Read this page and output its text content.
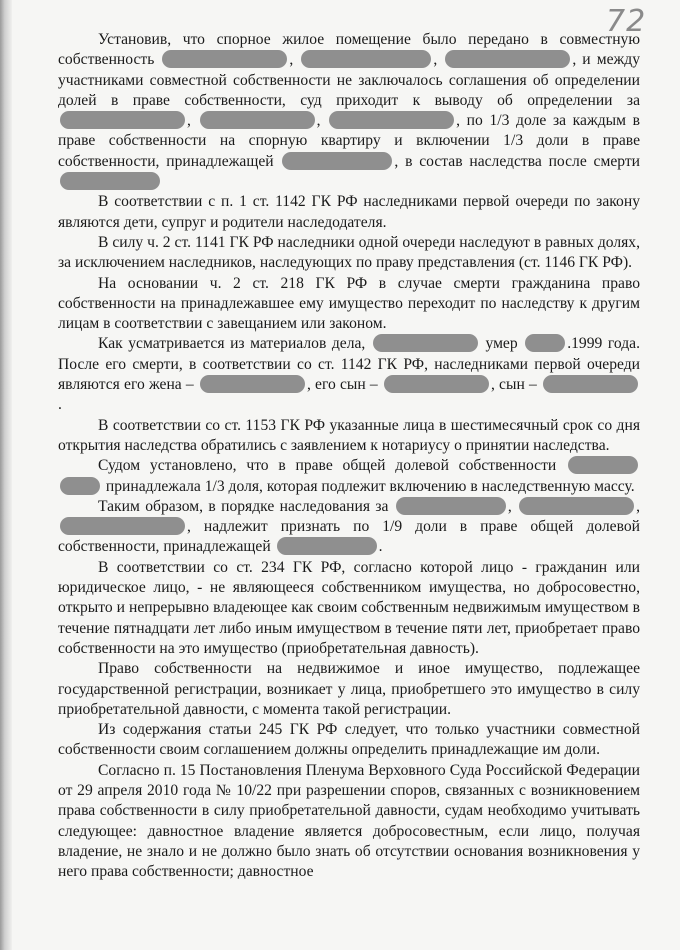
72

Установив, что спорное жилое помещение было передано в совместную собственность	,	,	, и между участниками совместной собственности не заключалось соглашения об определении долей в праве собственности, суд приходит к выводу об определении за ,	,	, по 1/3 доле за каждым в праве собственности на спорную квартиру и включении 1/3 доли в праве собственности, принадлежащей	, в состав наследства после смерти

В соответствии с п. 1 ст. 1142 ГК РФ наследниками первой очереди по закону являются дети, супруг и родители наследодателя.

В силу ч. 2 ст. 1141 ГК РФ наследники одной очереди наследуют в равных долях, за исключением наследников, наследующих по праву представления (ст. 1146 ГК РФ).

На основании ч. 2 ст. 218 ГК РФ в случае смерти гражданина право собственности на принадлежавшее ему имущество переходит по наследству к другим лицам в соответствии с завещанием или законом.

Как усматривается из материалов дела,	умер	.1999 года. После его смерти, в соответствии со ст. 1142 ГК РФ, наследниками первой очереди являются его жена –	, его сын –	, сын – .

В соответствии со ст. 1153 ГК РФ указанные лица в шестимесячный срок со дня открытия наследства обратились с заявлением к нотариусу о принятии наследства.

Судом установлено, что в праве общей долевой собственности   принадлежала 1/3 доля, которая подлежит включению в наследственную массу.

Таким образом, в порядке наследования за	,	, , надлежит признать по 1/9 доли в праве общей долевой собственности, принадлежащей	.

В соответствии со ст. 234 ГК РФ, согласно которой лицо - гражданин или юридическое лицо, - не являющееся собственником имущества, но добросовестно, открыто и непрерывно владеющее как своим собственным недвижимым имуществом в течение пятнадцати лет либо иным имуществом в течение пяти лет, приобретает право собственности на это имущество (приобретательная давность).

Право собственности на недвижимое и иное имущество, подлежащее государственной регистрации, возникает у лица, приобретшего это имущество в силу приобретательной давности, с момента такой регистрации.

Из содержания статьи 245 ГК РФ следует, что только участники совместной собственности своим соглашением должны определить принадлежащие им доли.

Согласно п. 15 Постановления Пленума Верховного Суда Российской Федерации от 29 апреля 2010 года № 10/22 при разрешении споров, связанных с возникновением права собственности в силу приобретательной давности, судам необходимо учитывать следующее: давностное владение является добросовестным, если лицо, получая владение, не знало и не должно было знать об отсутствии основания возникновения у него права собственности; давностное
